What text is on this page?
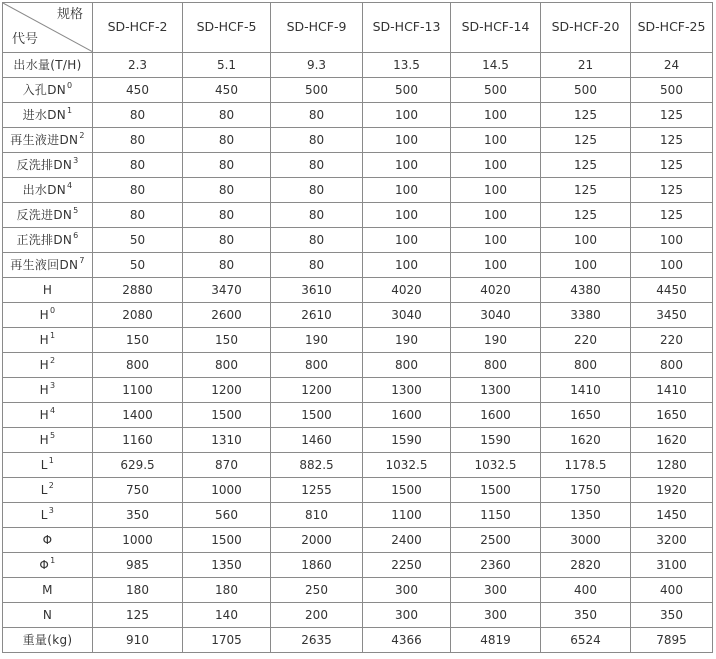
规格
代号	SD-HCF-2	SD-HCF-5	SD-HCF-9	SD-HCF-13	SD-HCF-14	SD-HCF-20	SD-HCF-25
出水量(T/H)	2.3	5.1	9.3	13.5	14.5	21	24
入孔$DN^0$	450	450	500	500	500	500	500
进水$DN^1$	80	80	80	100	100	125	125
再生液进$DN^2$	80	80	80	100	100	125	125
反洗排$DN^3$	80	80	80	100	100	125	125
出水$DN^4$	80	80	80	100	100	125	125
反洗进$DN^5$	80	80	80	100	100	125	125
正洗排$DN^6$	50	80	80	100	100	100	100
再生液回$DN^7$	50	80	80	100	100	100	100
H	2880	3470	3610	4020	4020	4380	4450
$H^0$	2080	2600	2610	3040	3040	3380	3450
$H^1$	150	150	190	190	190	220	220
$H^2$	800	800	800	800	800	800	800
$H^3$	1100	1200	1200	1300	1300	1410	1410
$H^4$	1400	1500	1500	1600	1600	1650	1650
$H^5$	1160	1310	1460	1590	1590	1620	1620
$L^1$	629.5	870	882.5	1032.5	1032.5	1178.5	1280
$L^2$	750	1000	1255	1500	1500	1750	1920
$L^3$	350	560	810	1100	1150	1350	1450
Φ	1000	1500	2000	2400	2500	3000	3200
$\Phi^1$	985	1350	1860	2250	2360	2820	3100
M	180	180	250	300	300	400	400
N	125	140	200	300	300	350	350
重量(kg)	910	1705	2635	4366	4819	6524	7895
